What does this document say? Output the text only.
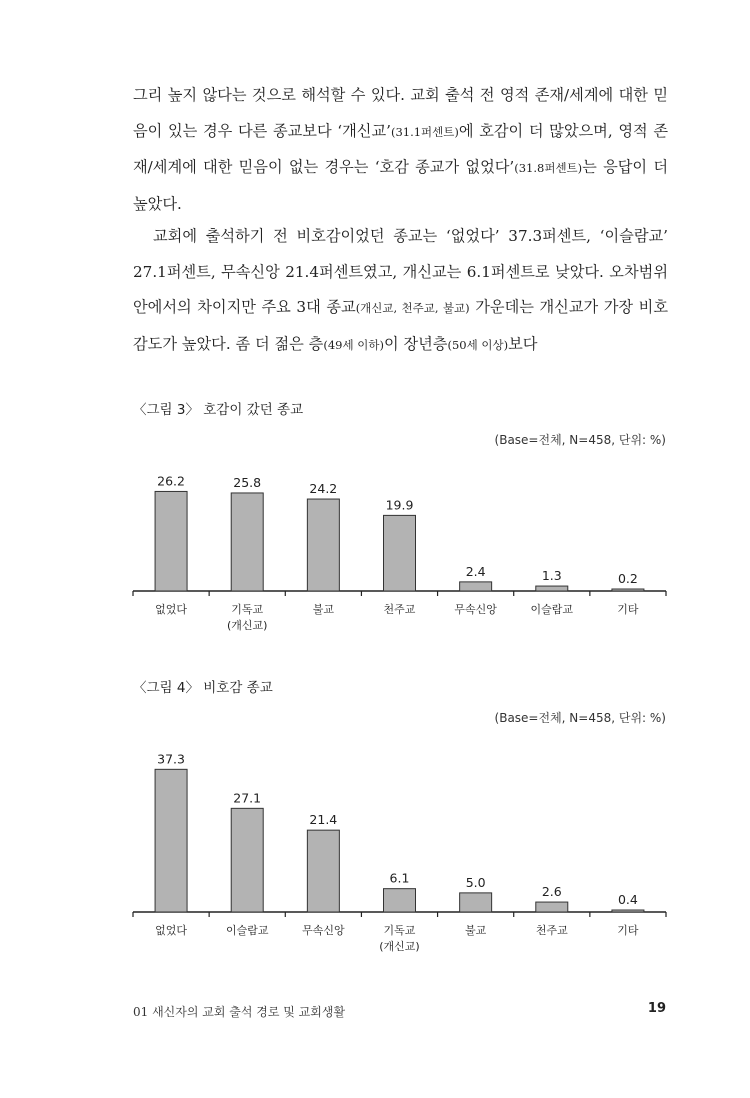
그리 높지 않다는 것으로 해석할 수 있다. 교회 출석 전 영적 존재/세계에 대한 믿음이 있는 경우 다른 종교보다 ‘개신교’(31.1퍼센트)에 호감이 더 많았으며, 영적 존재/세계에 대한 믿음이 없는 경우는 ‘호감 종교가 없었다’(31.8퍼센트)는 응답이 더 높았다.

교회에 출석하기 전 비호감이었던 종교는 ‘없었다’ 37.3퍼센트, ‘이슬람교’ 27.1퍼센트, 무속신앙 21.4퍼센트였고, 개신교는 6.1퍼센트로 낮았다. 오차범위 안에서의 차이지만 주요 3대 종교(개신교, 천주교, 불교) 가운데는 개신교가 가장 비호감도가 높았다. 좀 더 젊은 층(49세 이하)이 장년층(50세 이상)보다

〈그림 3〉 호감이 갔던 종교
(Base=전체, N=458, 단위: %)
26.2
없었다
25.8
기독교
(개신교)
24.2
불교
19.9
천주교
2.4
무속신앙
1.3
이슬람교
0.2
기타
〈그림 4〉 비호감 종교
(Base=전체, N=458, 단위: %)
37.3
없었다
27.1
이슬람교
21.4
무속신앙
6.1
기독교
(개신교)
5.0
불교
2.6
천주교
0.4
기타
01 새신자의 교회 출석 경로 및 교회생활	19
